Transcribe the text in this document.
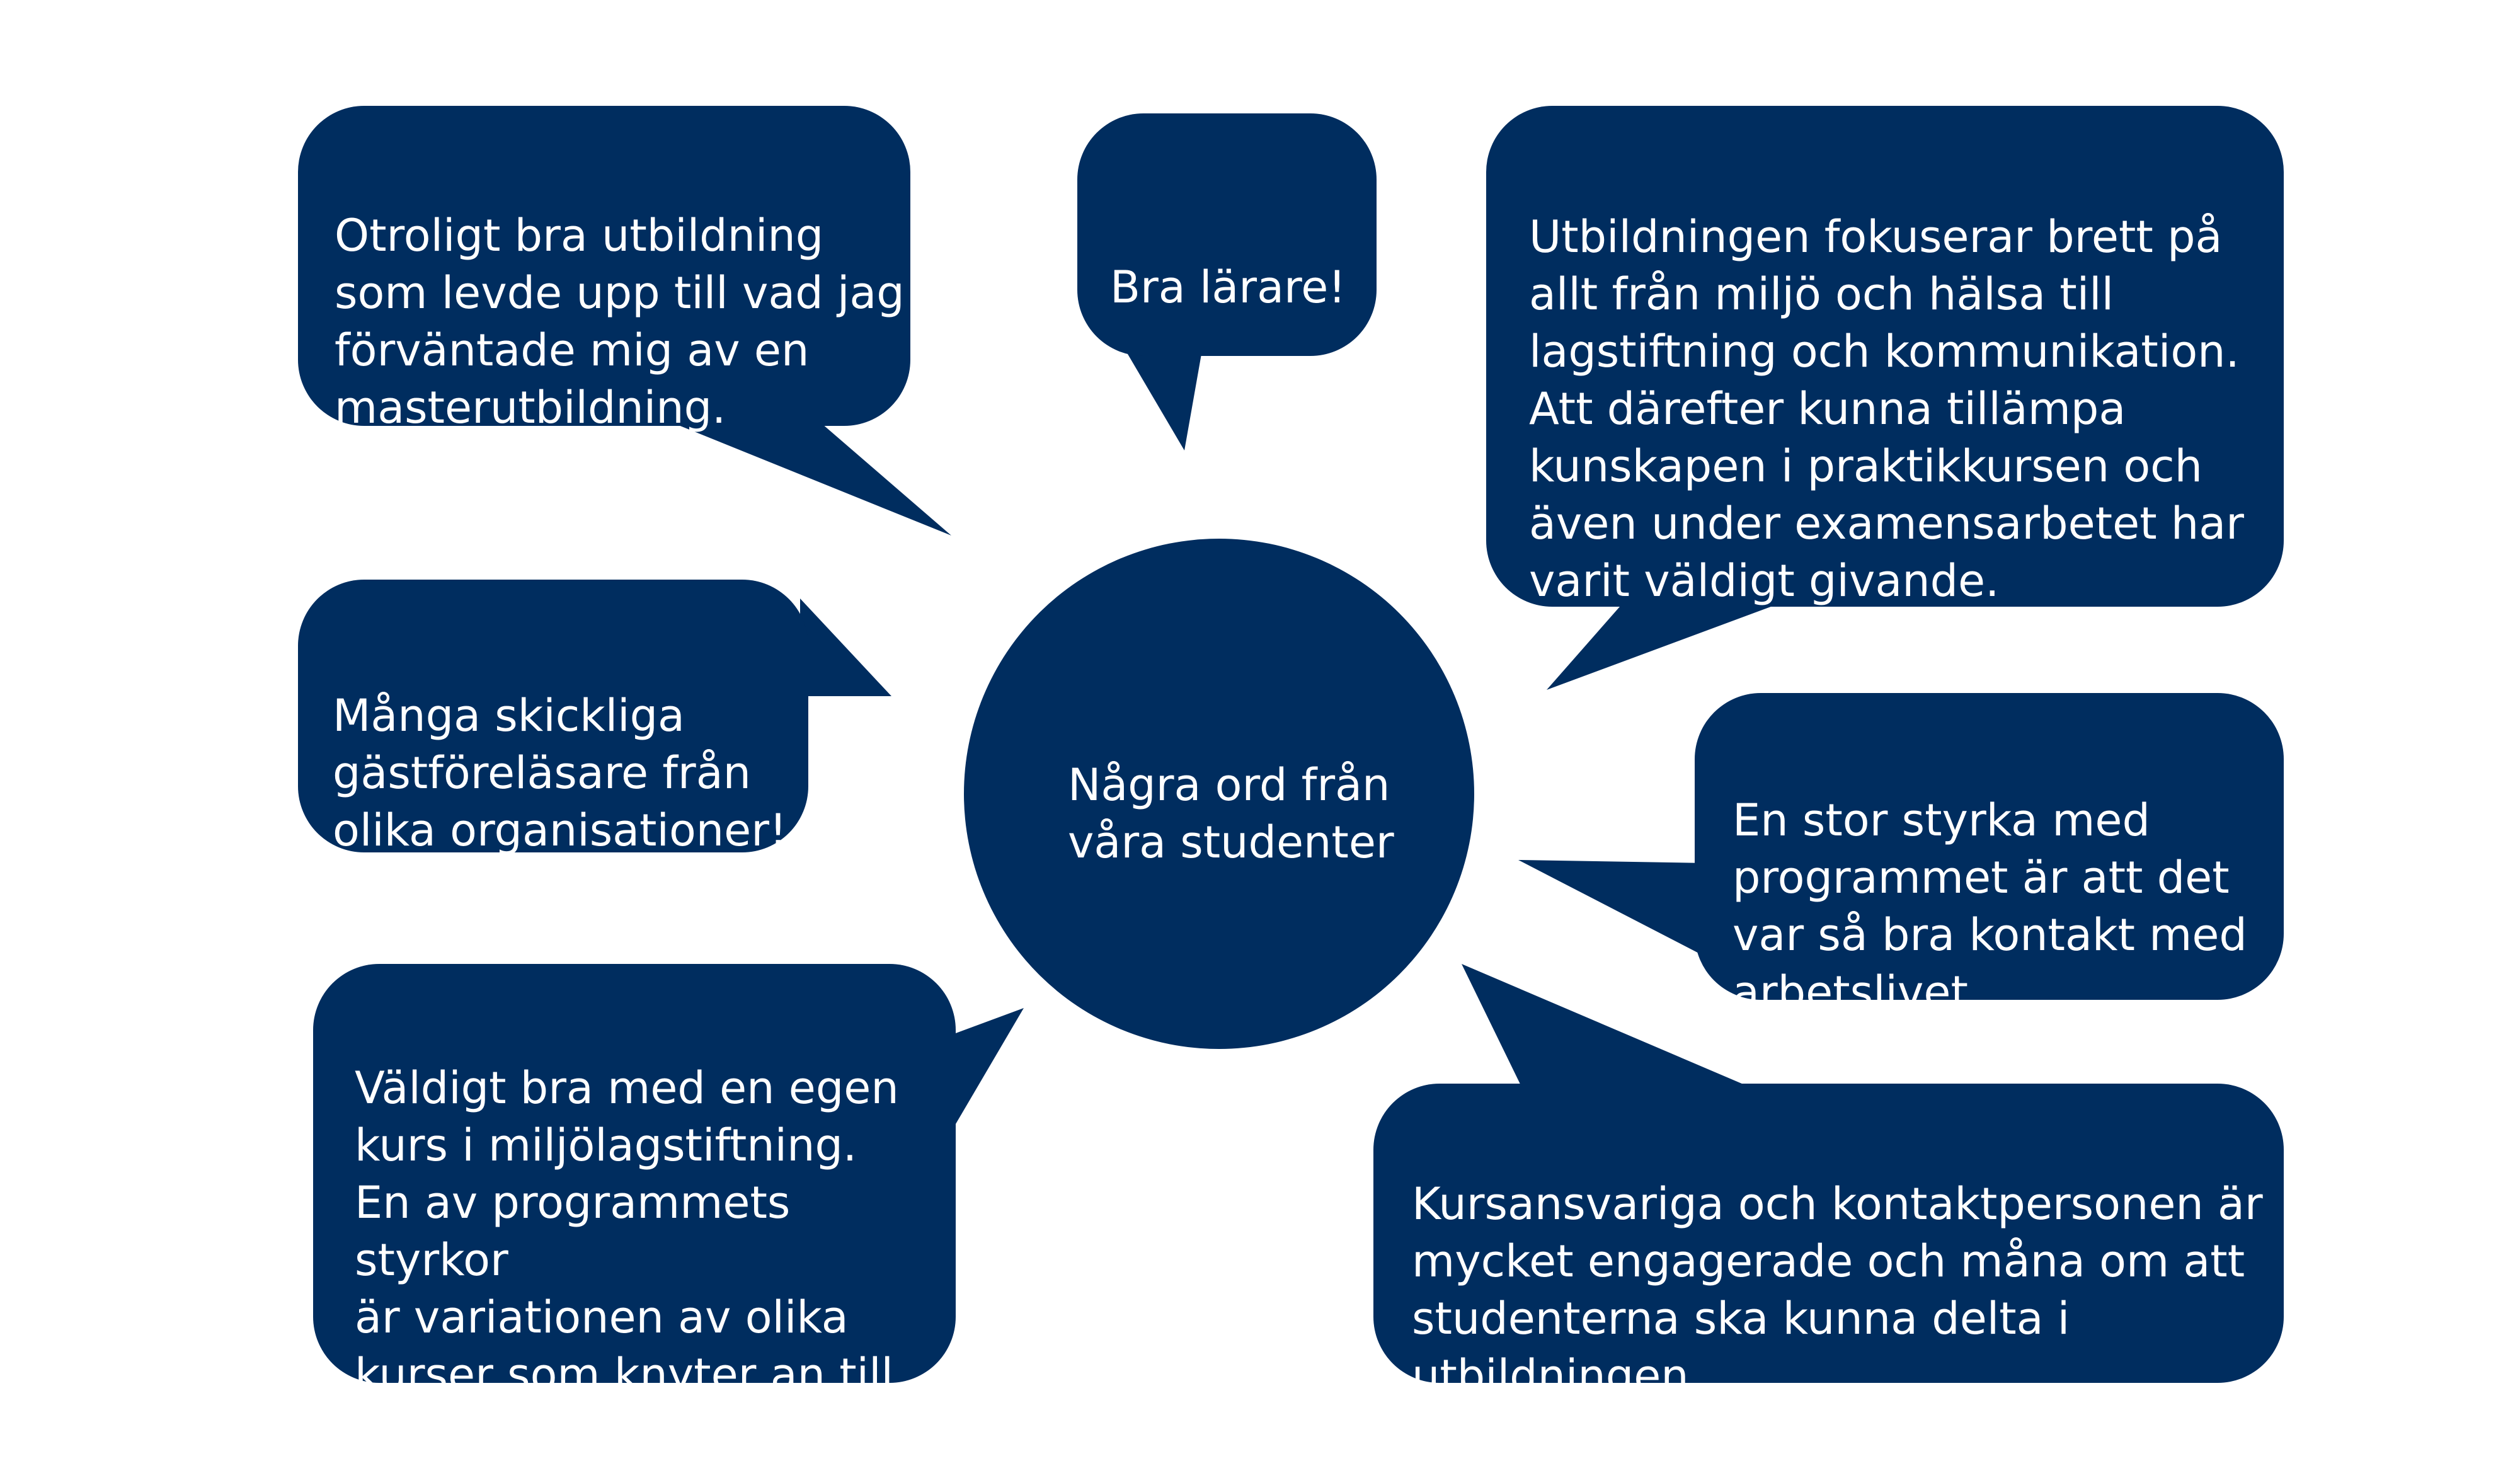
Några ord från
våra studenter

Otroligt bra utbildning
som levde upp till vad jag
förväntade mig av en
masterutbildning.

Bra lärare!

Utbildningen fokuserar brett på
allt från miljö och hälsa till
lagstiftning och kommunikation.
Att därefter kunna tillämpa
kunskapen i praktikkursen och
även under examensarbetet har
varit väldigt givande.

Många skickliga
gästföreläsare från
olika organisationer!	En stor styrka med
programmet är att det
var så bra kontakt med
arbetslivet.

Väldigt bra med en egen
kurs i miljölagstiftning.
En av programmets styrkor
är variationen av olika
kurser som knyter an till
varandra.

Kursansvariga och kontaktpersonen är
mycket engagerade och måna om att
studenterna ska kunna delta i
utbildningen.
